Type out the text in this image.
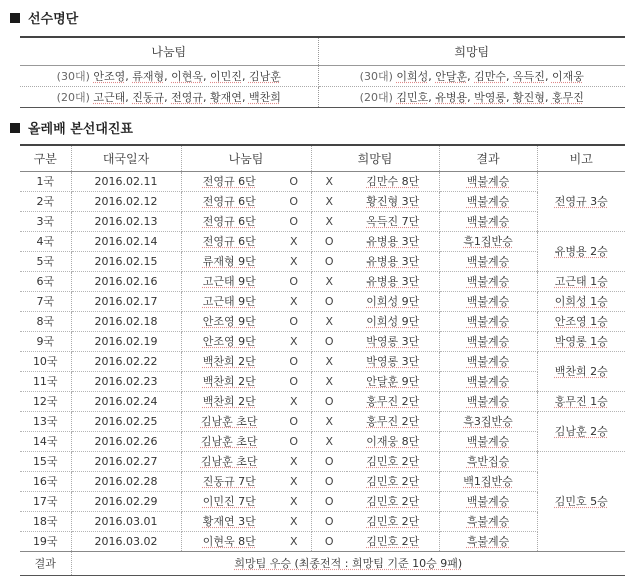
선수명단
나눔팀	희망팀
(30대) 안조영, 류재형, 이현욱, 이민진, 김남훈	(30대) 이희성, 안달훈, 김만수, 옥득진, 이재웅
(20대) 고근태, 진동규, 전영규, 황재연, 백찬희	(20대) 김민호, 유병용, 박영롱, 황진형, 홍무진
올레배 본선대진표
구분	대국일자	나눔팀		희망팀		결과	비고
1국	2016.02.11	전영규 6단	O	X	김만수 8단	백불계승	전영규 3승
2국	2016.02.12	전영규 6단	O	X	황진형 3단	백불계승	
3국	2016.02.13	전영규 6단	O	X	옥득진 7단	백불계승	
4국	2016.02.14	전영규 6단	X	O	유병용 3단	흑1집반승	유병용 2승
5국	2016.02.15	류재형 9단	X	O	유병용 3단	백불계승	
6국	2016.02.16	고근태 9단	O	X	유병용 3단	백불계승	고근태 1승
7국	2016.02.17	고근태 9단	X	O	이희성 9단	백불계승	이희성 1승
8국	2016.02.18	안조영 9단	O	X	이희성 9단	백불계승	안조영 1승
9국	2016.02.19	안조영 9단	X	O	박영롱 3단	백불계승	박영롱 1승
10국	2016.02.22	백찬희 2단	O	X	박영롱 3단	백불계승	백찬희 2승
11국	2016.02.23	백찬희 2단	O	X	안달훈 9단	백불계승	
12국	2016.02.24	백찬희 2단	X	O	홍무진 2단	백불계승	홍무진 1승
13국	2016.02.25	김남훈 초단	O	X	홍무진 2단	흑3집반승	김남훈 2승
14국	2016.02.26	김남훈 초단	O	X	이재웅 8단	백불계승	
15국	2016.02.27	김남훈 초단	X	O	김민호 2단	흑반집승	김민호 5승
16국	2016.02.28	진동규 7단	X	O	김민호 2단	백1집반승	
17국	2016.02.29	이민진 7단	X	O	김민호 2단	백불계승	
18국	2016.03.01	황재연 3단	X	O	김민호 2단	흑불계승	
19국	2016.03.02	이현욱 8단	X	O	김민호 2단	흑불계승	
결과	희망팀 우승 (최종전적 : 희망팀 기준 10승 9패)						
